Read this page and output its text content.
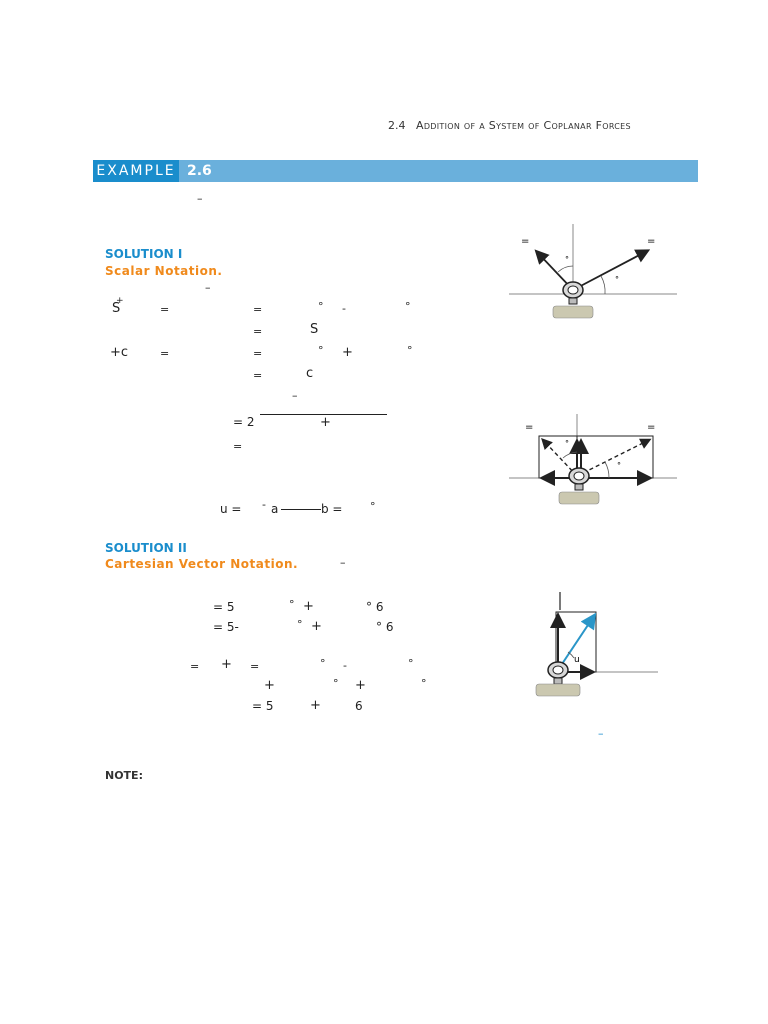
2.4 Addition of a System of Coplanar Forces
EXAMPLE 2.6
–
SOLUTION I
Scalar Notation.
–
S
+
=	=	° -	°
=	S
+c	=	=	° +	°
=	c
–
= 2	+
=
u = - a	b =	°
SOLUTION II
Cartesian Vector Notation.	–
= 5	° +	° 6
= 5-	° +	° 6
= + =	° -	°
+	° +	°
= 5	+	6
NOTE:
=	=
°
°
=	=
°
°
u
–
